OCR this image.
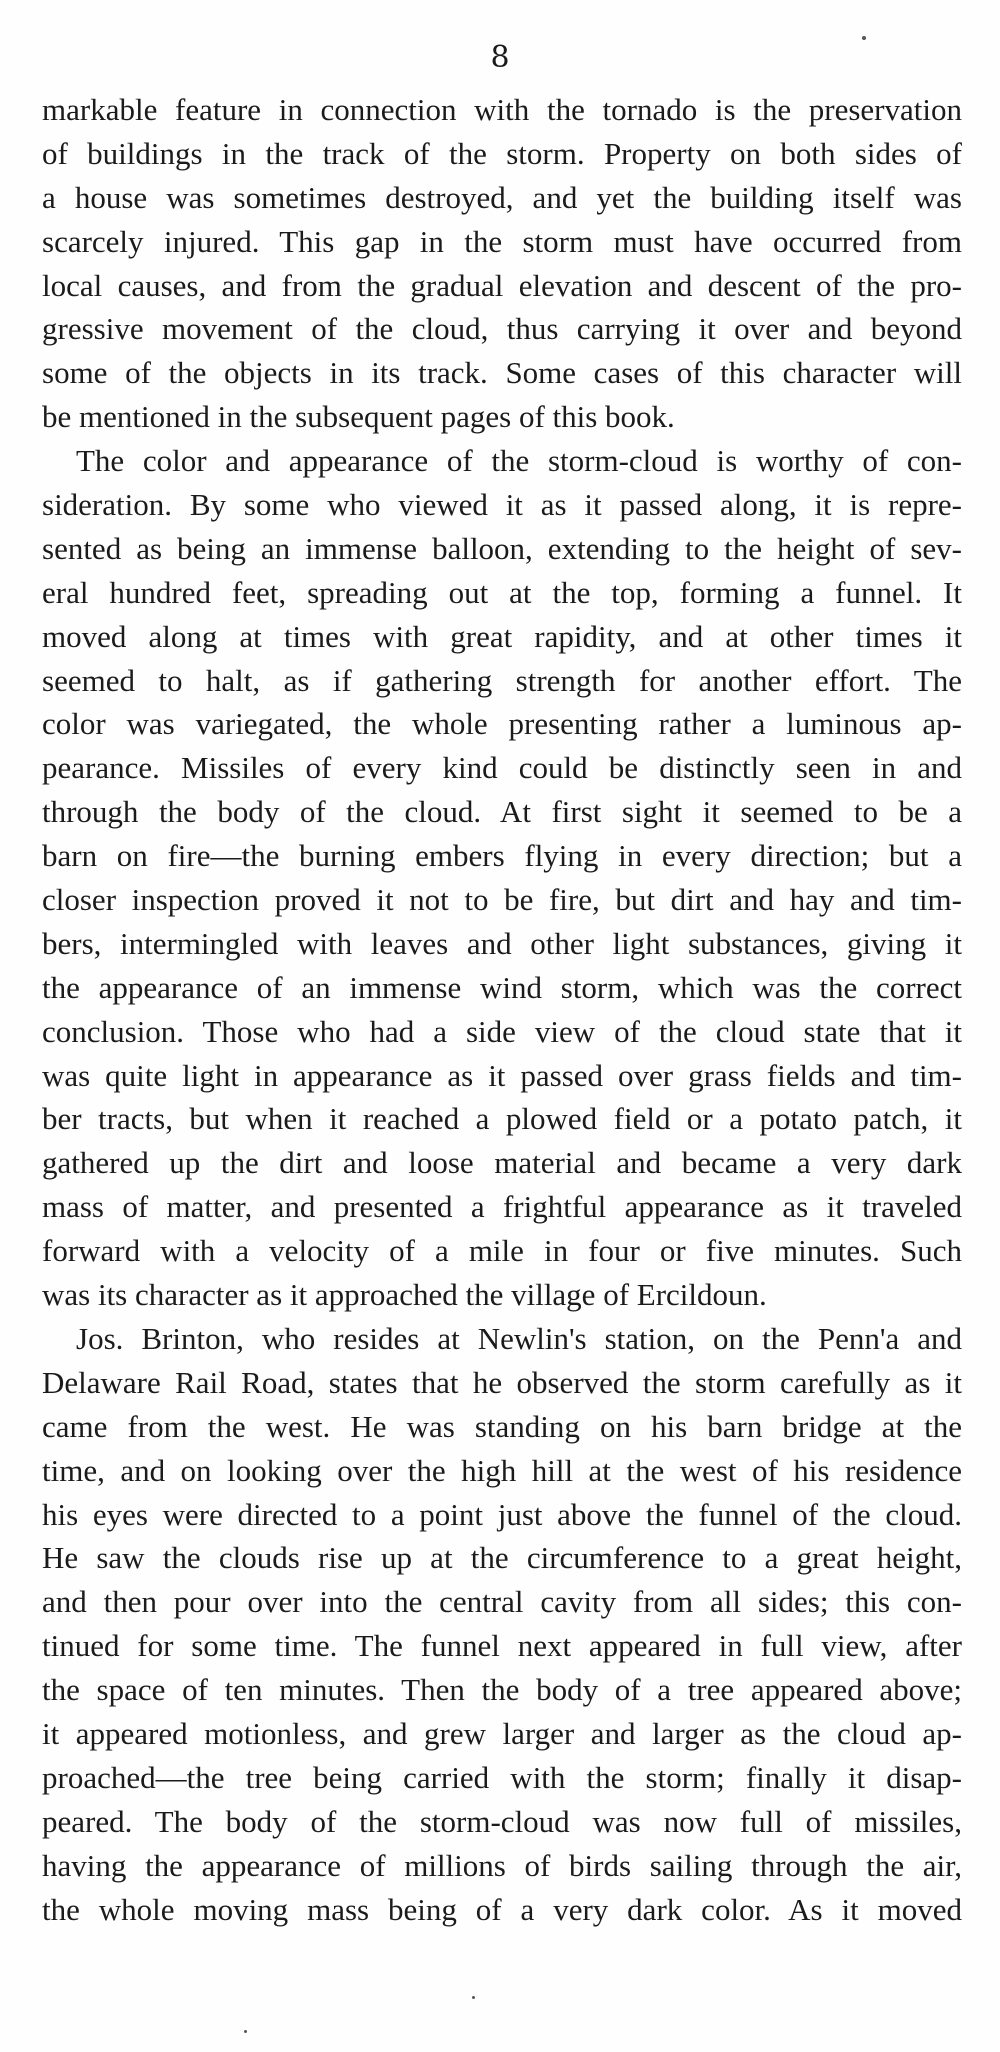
8
markable feature in connection with the tornado is the preservation
of buildings in the track of the storm. Property on both sides of
a house was sometimes destroyed, and yet the building itself was
scarcely injured. This gap in the storm must have occurred from
local causes, and from the gradual elevation and descent of the pro-
gressive movement of the cloud, thus carrying it over and beyond
some of the objects in its track. Some cases of this character will
be mentioned in the subsequent pages of this book.
The color and appearance of the storm-cloud is worthy of con-
sideration. By some who viewed it as it passed along, it is repre-
sented as being an immense balloon, extending to the height of sev-
eral hundred feet, spreading out at the top, forming a funnel. It
moved along at times with great rapidity, and at other times it
seemed to halt, as if gathering strength for another effort. The
color was variegated, the whole presenting rather a luminous ap-
pearance. Missiles of every kind could be distinctly seen in and
through the body of the cloud. At first sight it seemed to be a
barn on fire—the burning embers flying in every direction; but a
closer inspection proved it not to be fire, but dirt and hay and tim-
bers, intermingled with leaves and other light substances, giving it
the appearance of an immense wind storm, which was the correct
conclusion. Those who had a side view of the cloud state that it
was quite light in appearance as it passed over grass fields and tim-
ber tracts, but when it reached a plowed field or a potato patch, it
gathered up the dirt and loose material and became a very dark
mass of matter, and presented a frightful appearance as it traveled
forward with a velocity of a mile in four or five minutes. Such
was its character as it approached the village of Ercildoun.
Jos. Brinton, who resides at Newlin's station, on the Penn'a and
Delaware Rail Road, states that he observed the storm carefully as it
came from the west. He was standing on his barn bridge at the
time, and on looking over the high hill at the west of his residence
his eyes were directed to a point just above the funnel of the cloud.
He saw the clouds rise up at the circumference to a great height,
and then pour over into the central cavity from all sides; this con-
tinued for some time. The funnel next appeared in full view, after
the space of ten minutes. Then the body of a tree appeared above;
it appeared motionless, and grew larger and larger as the cloud ap-
proached—the tree being carried with the storm; finally it disap-
peared. The body of the storm-cloud was now full of missiles,
having the appearance of millions of birds sailing through the air,
the whole moving mass being of a very dark color. As it moved
